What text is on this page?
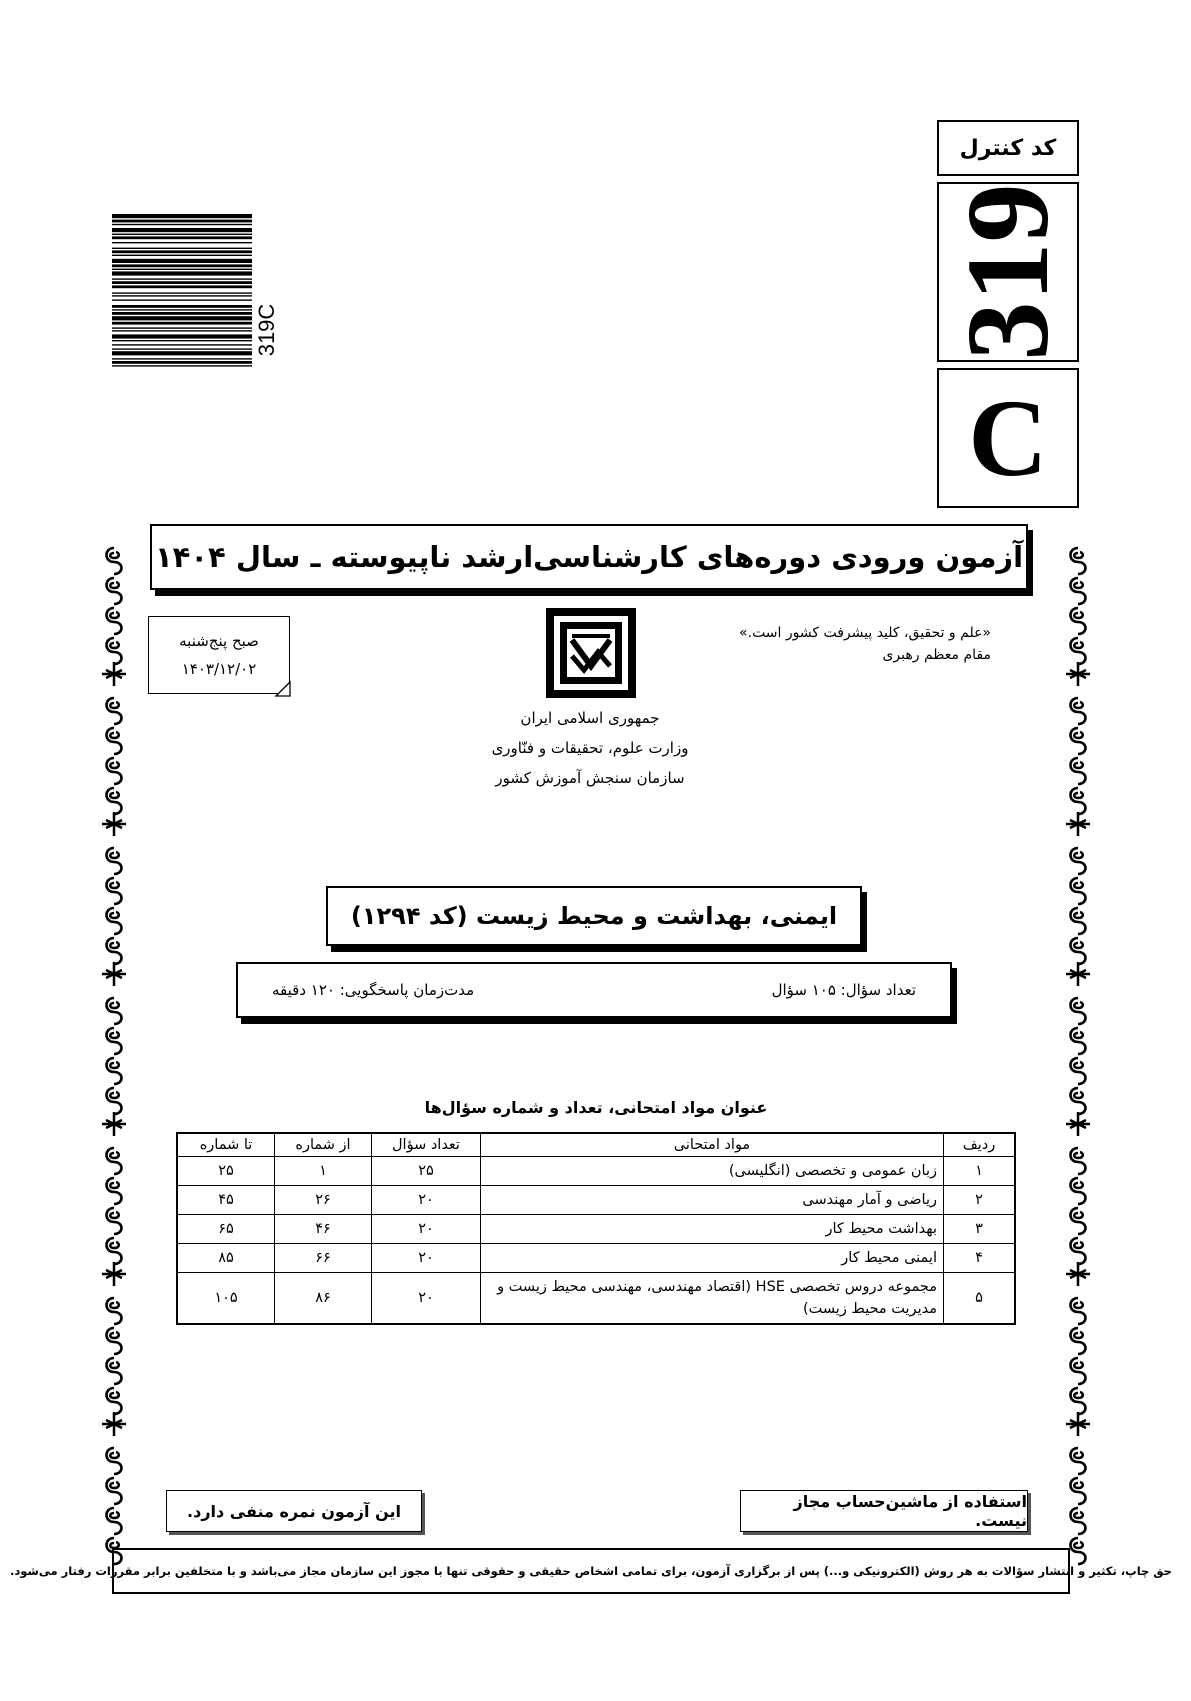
کد کنترل
319
C
319C
آزمون ورودی دوره‌های کارشناسی‌ارشد ناپیوسته ـ سال ۱۴۰۴
صبح پنج‌شنبه
۱۴۰۳/۱۲/۰۲
«علم و تحقیق، کلید پیشرفت کشور است.»
مقام معظم رهبری
جمهوری اسلامی ایران
وزارت علوم، تحقیقات و فنّاوری
سازمان سنجش آموزش کشور
ایمنی، بهداشت و محیط زیست (کد ۱۲۹۴)
تعداد سؤال: ۱۰۵ سؤال
مدت‌زمان پاسخگویی: ۱۲۰ دقیقه
عنوان مواد امتحانی، تعداد و شماره سؤال‌ها
ردیف	مواد امتحانی	تعداد سؤال	از شماره	تا شماره
۱	زبان عمومی و تخصصی (انگلیسی)	۲۵	۱	۲۵
۲	ریاضی و آمار مهندسی	۲۰	۲۶	۴۵
۳	بهداشت محیط کار	۲۰	۴۶	۶۵
۴	ایمنی محیط کار	۲۰	۶۶	۸۵
۵	مجموعه دروس تخصصی HSE (اقتصاد مهندسی، مهندسی محیط زیست و مدیریت محیط زیست)	۲۰	۸۶	۱۰۵
استفاده از ماشین‌حساب مجاز نیست.
این آزمون نمره منفی دارد.
حق چاپ، تکثیر و انتشار سؤالات به هر روش (الکترونیکی و...) پس از برگزاری آزمون، برای تمامی اشخاص حقیقی و حقوقی تنها با مجوز این سازمان مجاز می‌باشد و با متخلفین برابر مقررات رفتار می‌شود.
